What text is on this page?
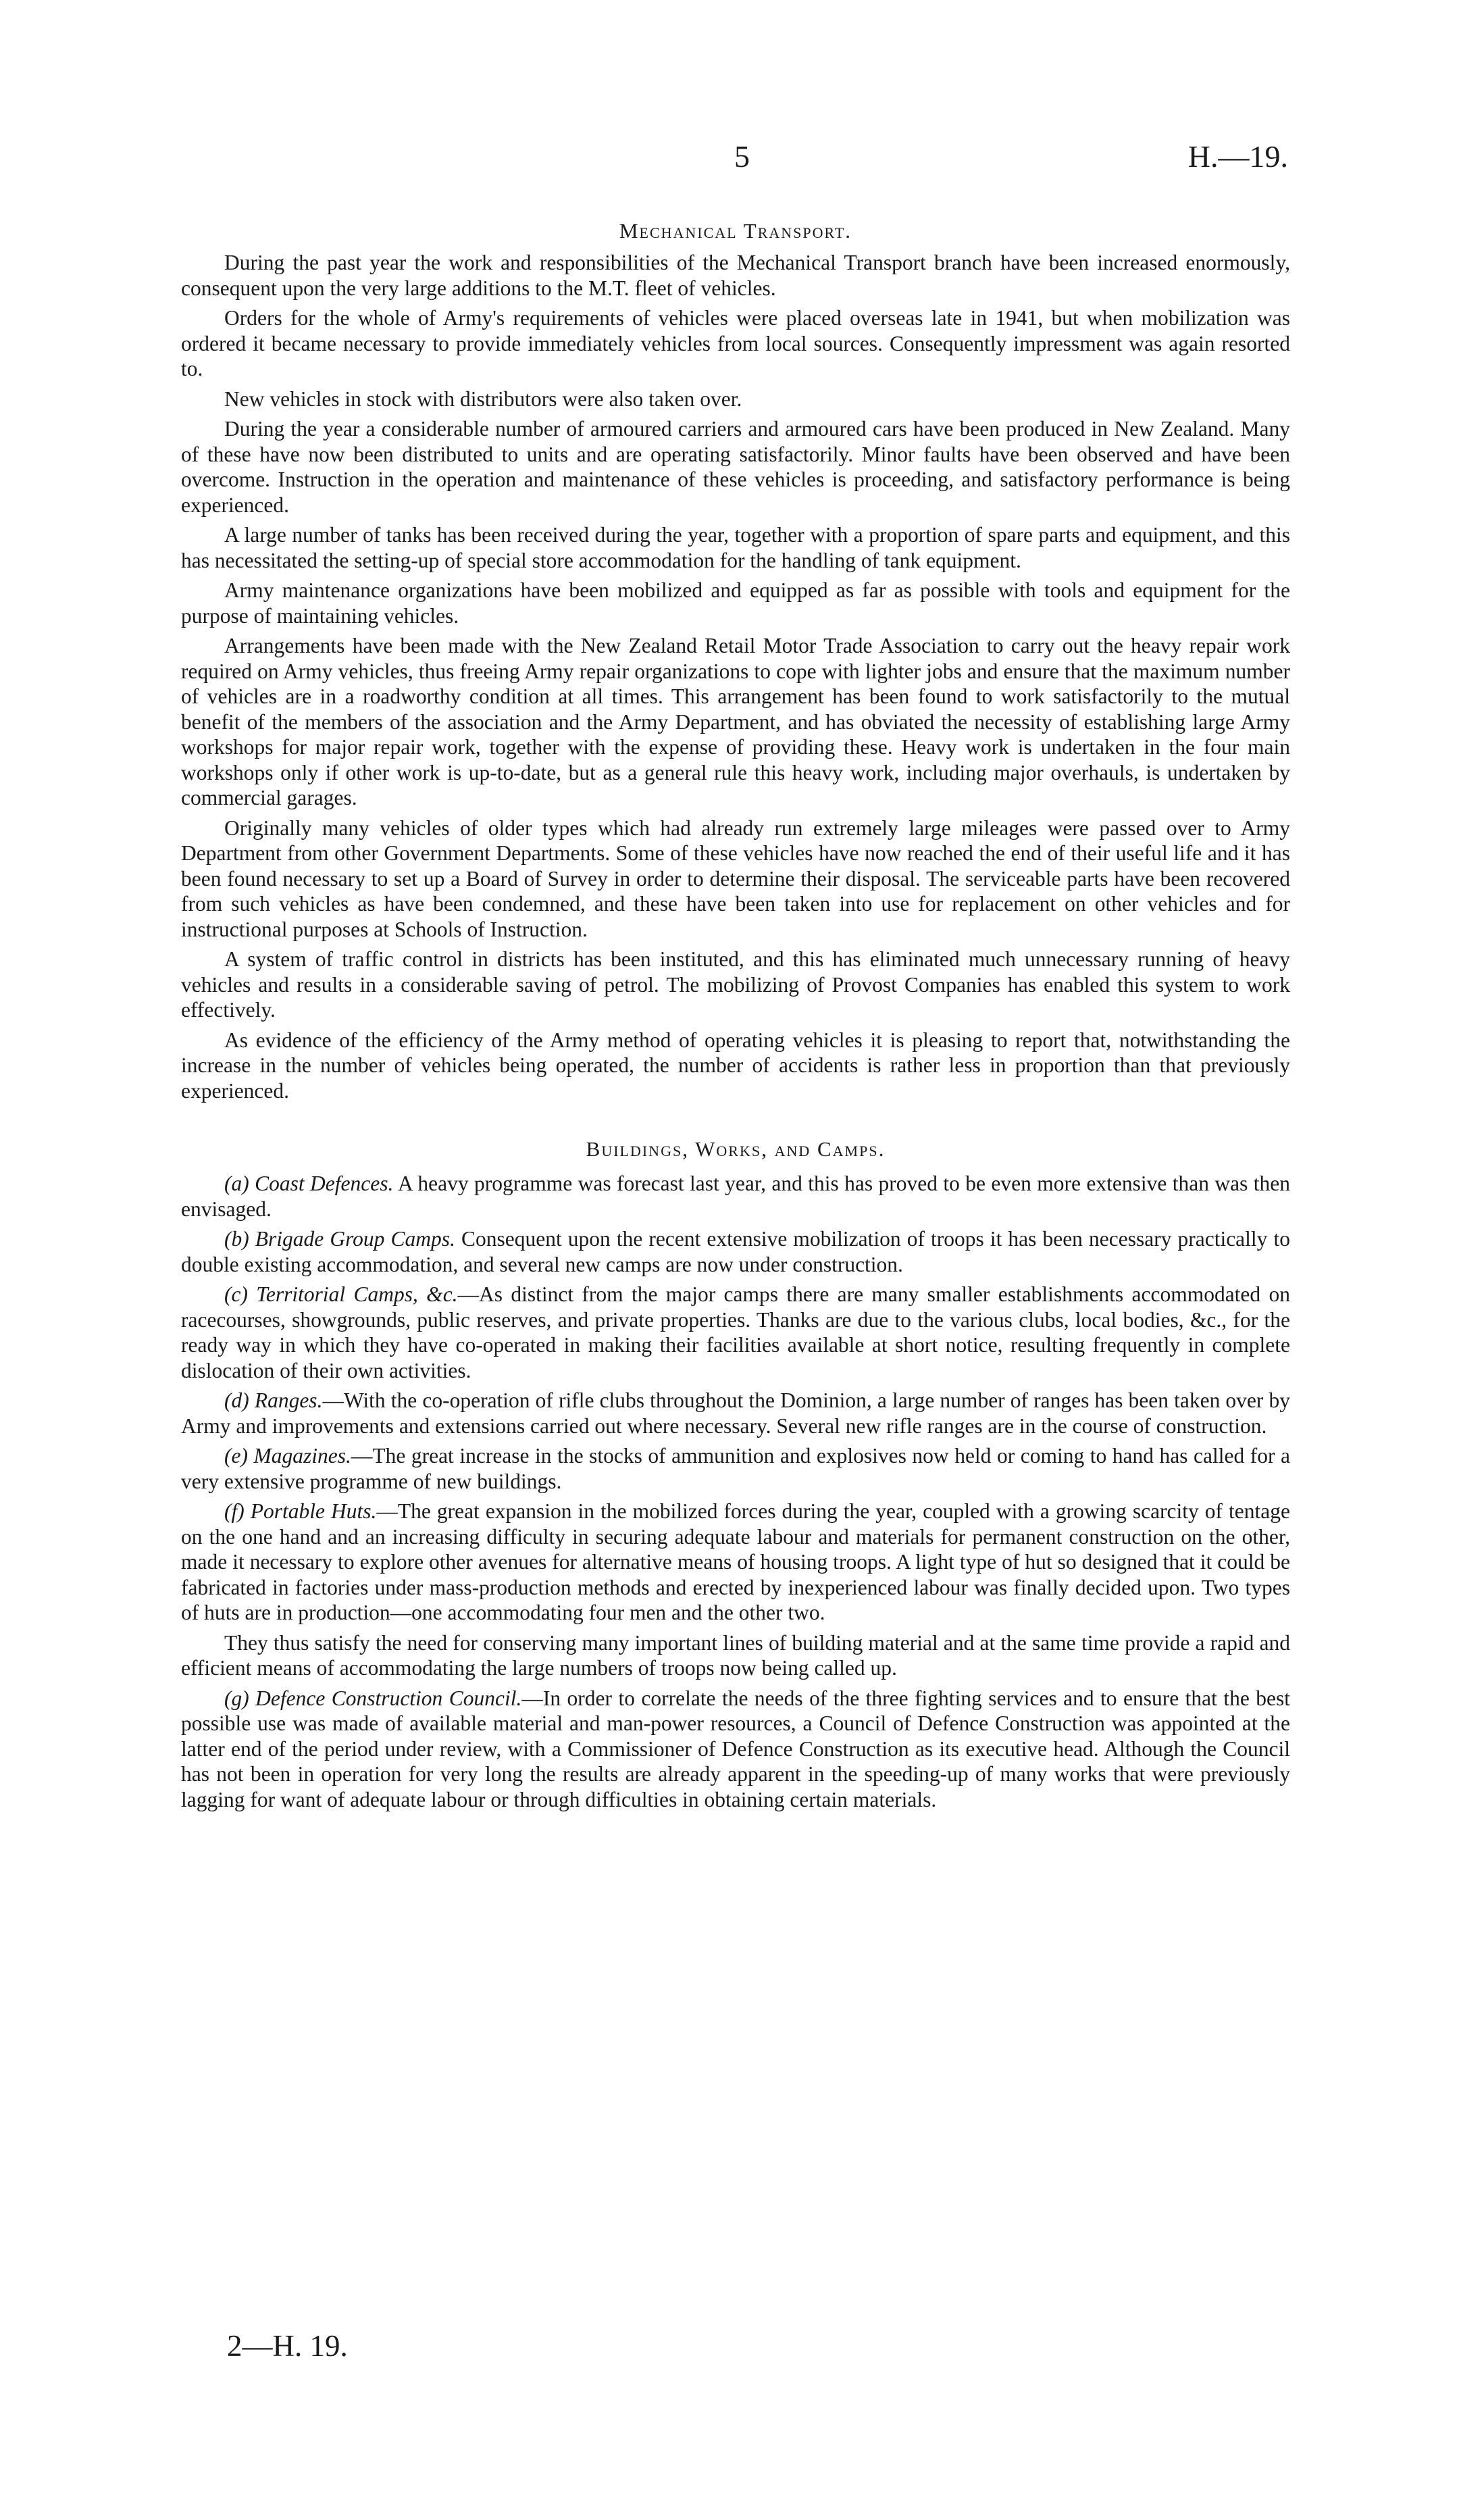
5	H.—19.
Mechanical Transport.

During the past year the work and responsibilities of the Mechanical Transport branch have been increased enormously, consequent upon the very large additions to the M.T. fleet of vehicles.

Orders for the whole of Army's requirements of vehicles were placed overseas late in 1941, but when mobilization was ordered it became necessary to provide immediately vehicles from local sources. Consequently impressment was again resorted to.

New vehicles in stock with distributors were also taken over.

During the year a considerable number of armoured carriers and armoured cars have been produced in New Zealand. Many of these have now been distributed to units and are operating satisfactorily. Minor faults have been observed and have been overcome. Instruction in the operation and maintenance of these vehicles is proceeding, and satisfactory performance is being experienced.

A large number of tanks has been received during the year, together with a proportion of spare parts and equipment, and this has necessitated the setting-up of special store accommodation for the handling of tank equipment.

Army maintenance organizations have been mobilized and equipped as far as possible with tools and equipment for the purpose of maintaining vehicles.

Arrangements have been made with the New Zealand Retail Motor Trade Association to carry out the heavy repair work required on Army vehicles, thus freeing Army repair organizations to cope with lighter jobs and ensure that the maximum number of vehicles are in a roadworthy condition at all times. This arrangement has been found to work satisfactorily to the mutual benefit of the members of the association and the Army Department, and has obviated the necessity of establishing large Army workshops for major repair work, together with the expense of providing these. Heavy work is undertaken in the four main workshops only if other work is up-to-date, but as a general rule this heavy work, including major overhauls, is undertaken by commercial garages.

Originally many vehicles of older types which had already run extremely large mileages were passed over to Army Department from other Government Departments. Some of these vehicles have now reached the end of their useful life and it has been found necessary to set up a Board of Survey in order to determine their disposal. The serviceable parts have been recovered from such vehicles as have been condemned, and these have been taken into use for replacement on other vehicles and for instructional purposes at Schools of Instruction.

A system of traffic control in districts has been instituted, and this has eliminated much unnecessary running of heavy vehicles and results in a considerable saving of petrol. The mobilizing of Provost Companies has enabled this system to work effectively.

As evidence of the efficiency of the Army method of operating vehicles it is pleasing to report that, notwithstanding the increase in the number of vehicles being operated, the number of accidents is rather less in proportion than that previously experienced.

Buildings, Works, and Camps.

(a) Coast Defences. A heavy programme was forecast last year, and this has proved to be even more extensive than was then envisaged.

(b) Brigade Group Camps. Consequent upon the recent extensive mobilization of troops it has been necessary practically to double existing accommodation, and several new camps are now under construction.

(c) Territorial Camps, &c.—As distinct from the major camps there are many smaller establishments accommodated on racecourses, showgrounds, public reserves, and private properties. Thanks are due to the various clubs, local bodies, &c., for the ready way in which they have co-operated in making their facilities available at short notice, resulting frequently in complete dislocation of their own activities.

(d) Ranges.—With the co-operation of rifle clubs throughout the Dominion, a large number of ranges has been taken over by Army and improvements and extensions carried out where necessary. Several new rifle ranges are in the course of construction.

(e) Magazines.—The great increase in the stocks of ammunition and explosives now held or coming to hand has called for a very extensive programme of new buildings.

(f) Portable Huts.—The great expansion in the mobilized forces during the year, coupled with a growing scarcity of tentage on the one hand and an increasing difficulty in securing adequate labour and materials for permanent construction on the other, made it necessary to explore other avenues for alternative means of housing troops. A light type of hut so designed that it could be fabricated in factories under mass-production methods and erected by inexperienced labour was finally decided upon. Two types of huts are in production—one accommodating four men and the other two.

They thus satisfy the need for conserving many important lines of building material and at the same time provide a rapid and efficient means of accommodating the large numbers of troops now being called up.

(g) Defence Construction Council.—In order to correlate the needs of the three fighting services and to ensure that the best possible use was made of available material and man-power resources, a Council of Defence Construction was appointed at the latter end of the period under review, with a Commissioner of Defence Construction as its executive head. Although the Council has not been in operation for very long the results are already apparent in the speeding-up of many works that were previously lagging for want of adequate labour or through difficulties in obtaining certain materials.

2—H. 19.
